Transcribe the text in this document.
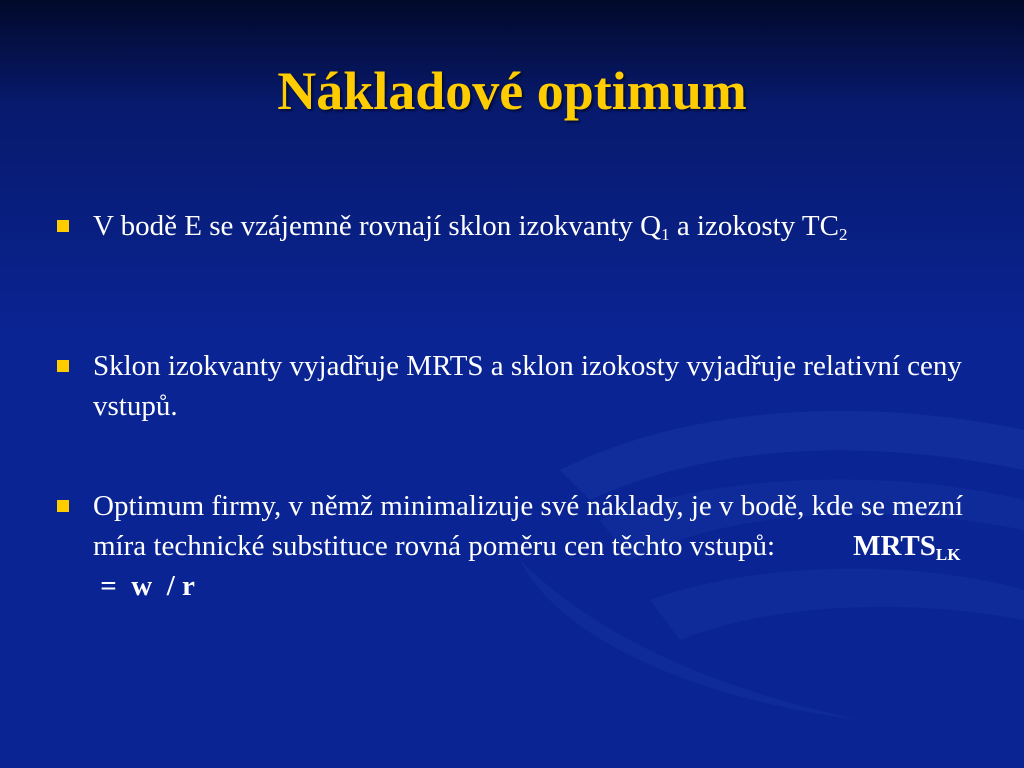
Nákladové optimum
V bodě E se vzájemně rovnají sklon izokvanty $Q_1$ a izokosty $TC_2$
Sklon izokvanty vyjadřuje MRTS a sklon izokosty vyjadřuje relativní ceny vstupů.
Optimum firmy, v němž minimalizuje své náklady, je v bodě, kde se mezní míra technické substituce rovná poměru cen těchto vstupů:	$MRTS_{LK} = w / r$
